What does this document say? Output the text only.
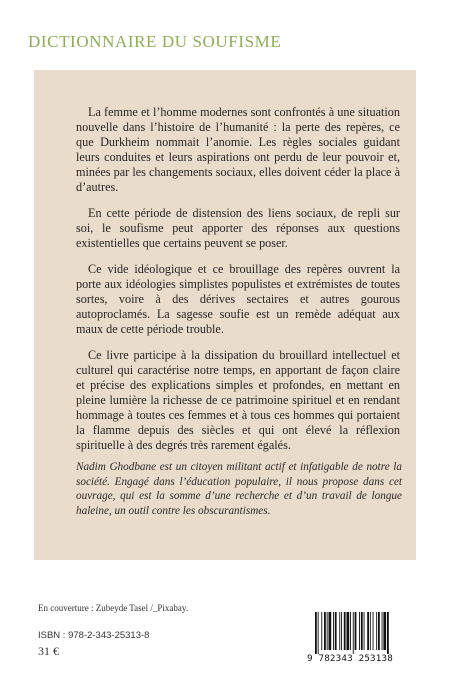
DICTIONNAIRE DU SOUFISME

La femme et l’homme modernes sont confrontés à une situation nouvelle dans l’histoire de l’humanité : la perte des repères, ce que Durkheim nommait l’anomie. Les règles sociales guidant leurs conduites et leurs aspirations ont perdu de leur pouvoir et, minées par les changements sociaux, elles doivent céder la place à d’autres.

En cette période de distension des liens sociaux, de repli sur soi, le soufisme peut apporter des réponses aux questions existentielles que certains peuvent se poser.

Ce vide idéologique et ce brouillage des repères ouvrent la porte aux idéologies simplistes populistes et extrémistes de toutes sortes, voire à des dérives sectaires et autres gourous autoproclamés. La sagesse soufie est un remède adéquat aux maux de cette période trouble.

Ce livre participe à la dissipation du brouillard intellectuel et culturel qui caractérise notre temps, en apportant de façon claire et précise des explications simples et profondes, en mettant en pleine lumière la richesse de ce patrimoine spirituel et en rendant hommage à toutes ces femmes et à tous ces hommes qui portaient la flamme depuis des siècles et qui ont élevé la réflexion spirituelle à des degrés très rarement égalés.

Nadim Ghodbane est un citoyen militant actif et infatigable de notre la société. Engagé dans l’éducation populaire, il nous propose dans cet ouvrage, qui est la somme d’une recherche et d’un travail de longue haleine, un outil contre les obscurantismes.
En couverture : Zubeyde Tasel /_Pixabay.
ISBN : 978-2-343-25313-8
31 €
9 782343 253138
